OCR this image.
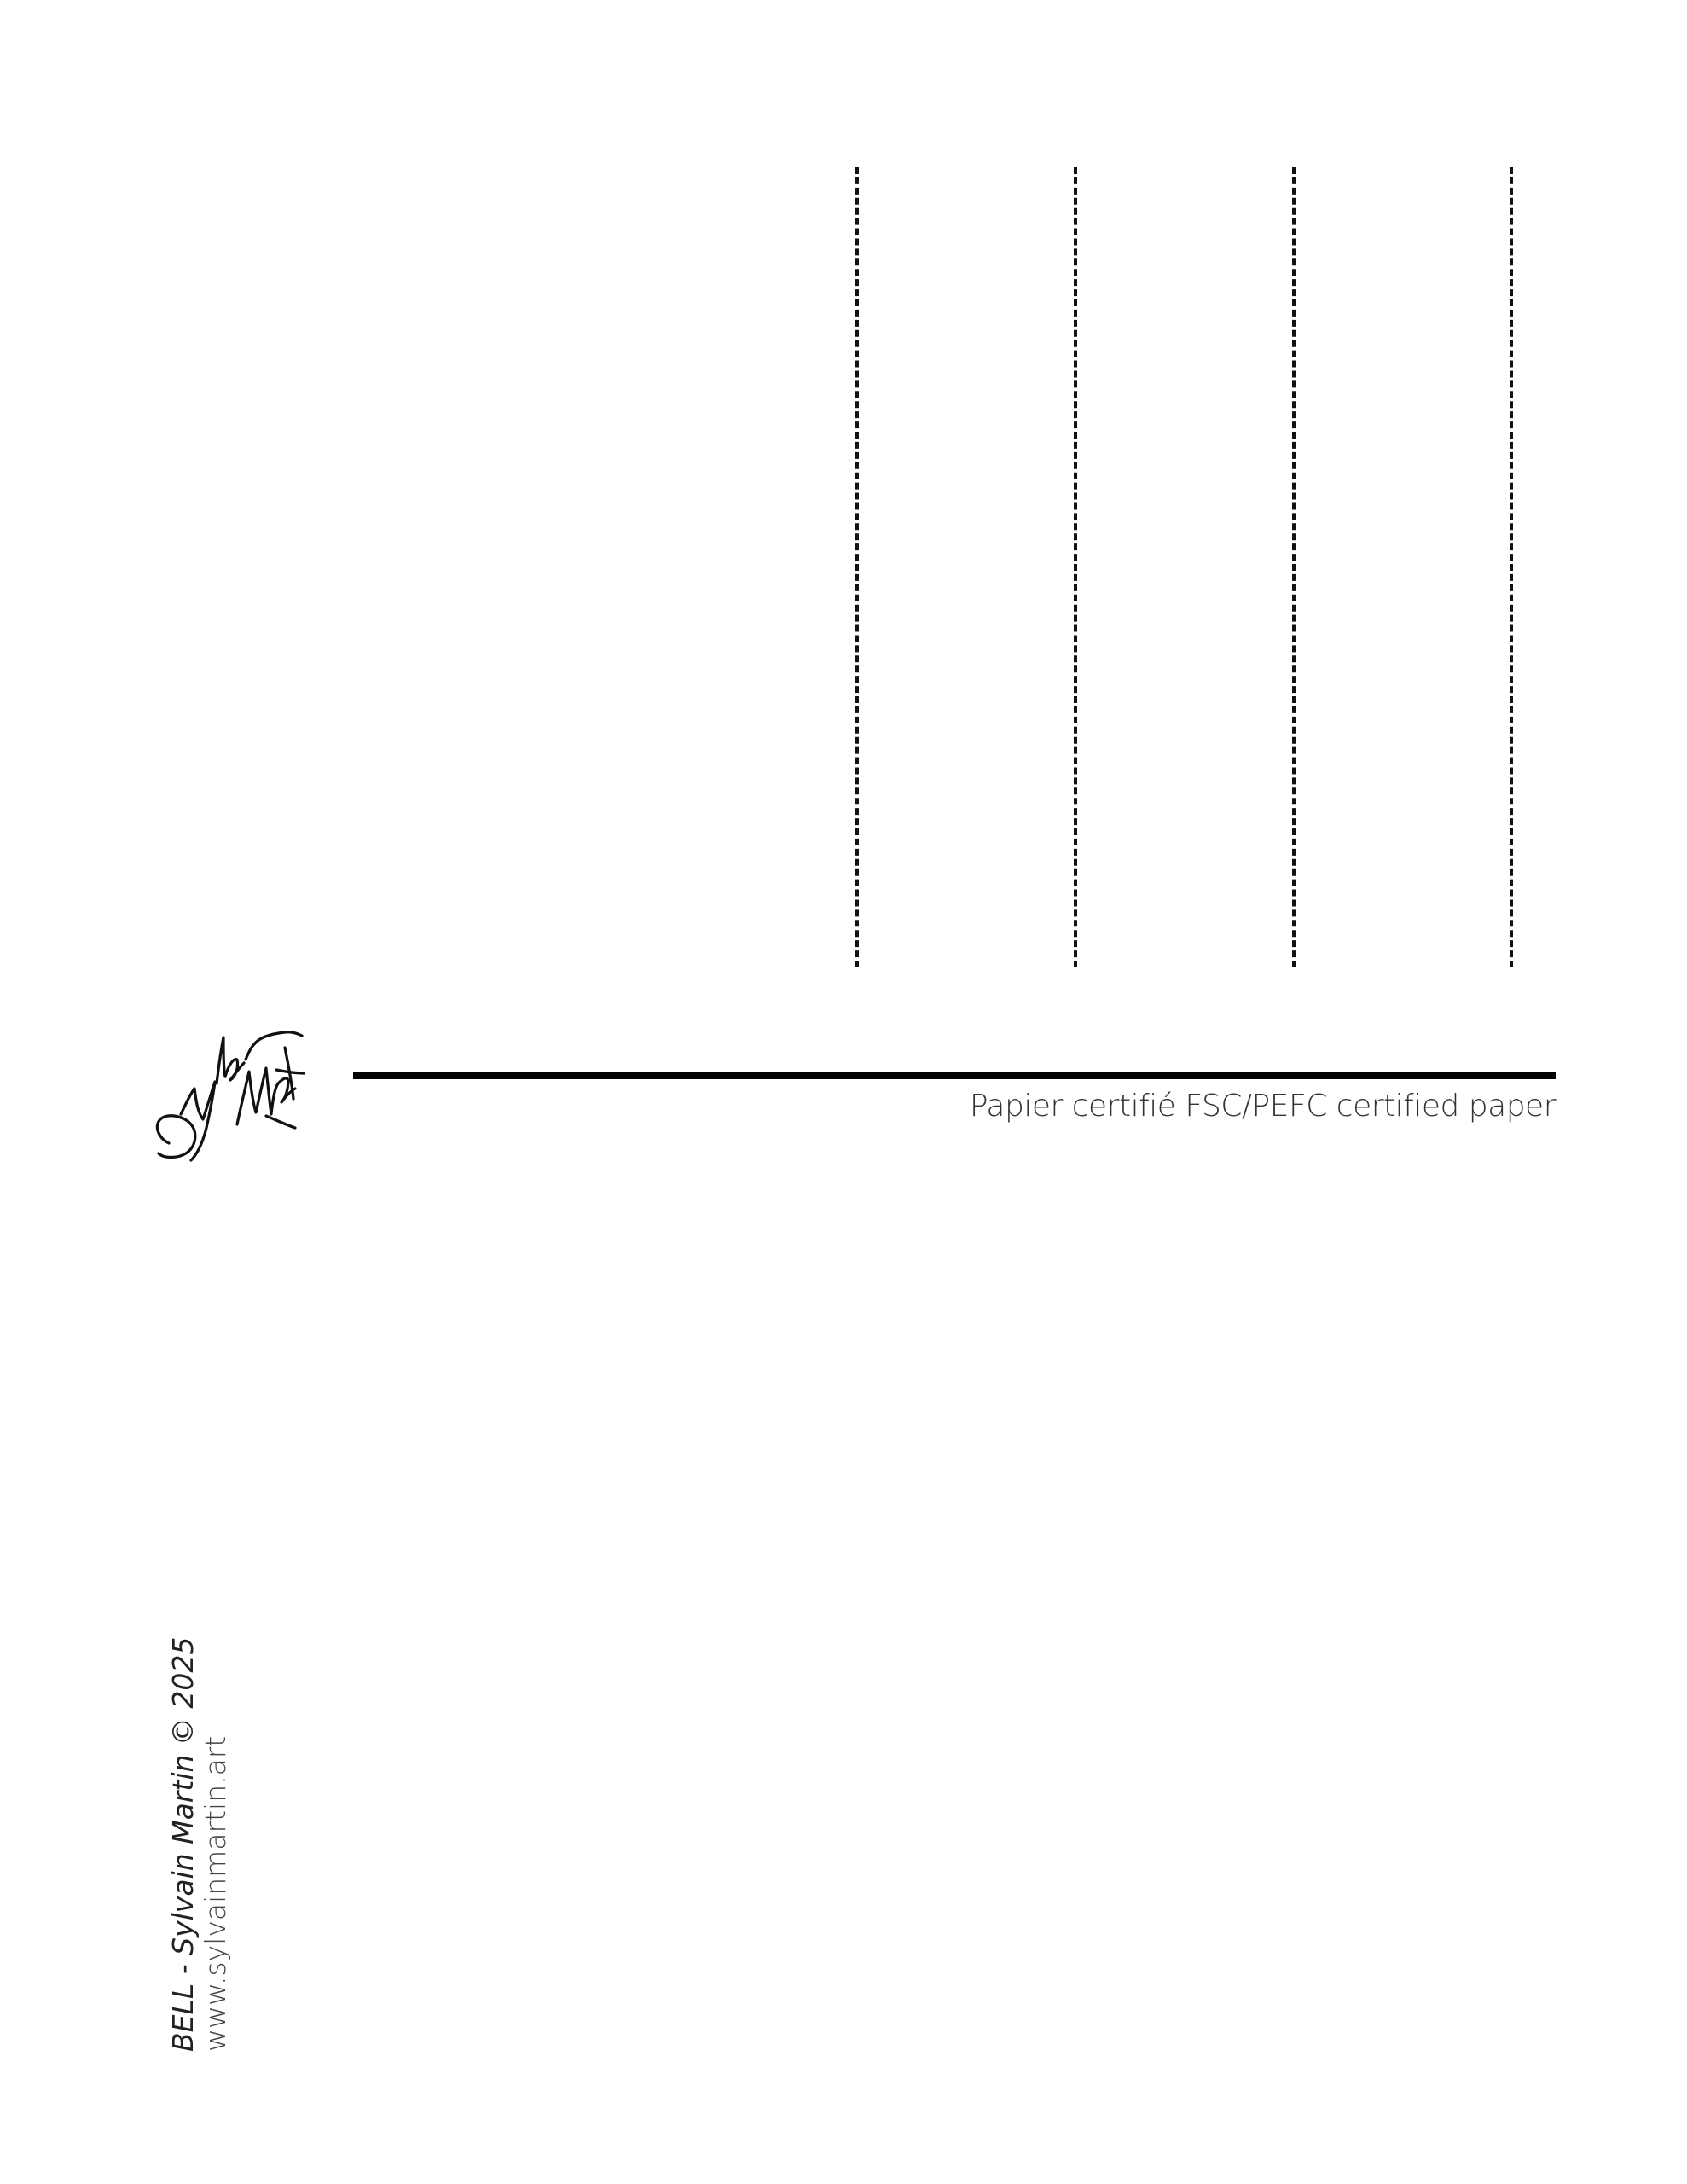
Papier certifié FSC/PEFC certified paper
BELL - Sylvain Martin © 2025 www.sylvainmartin.art
